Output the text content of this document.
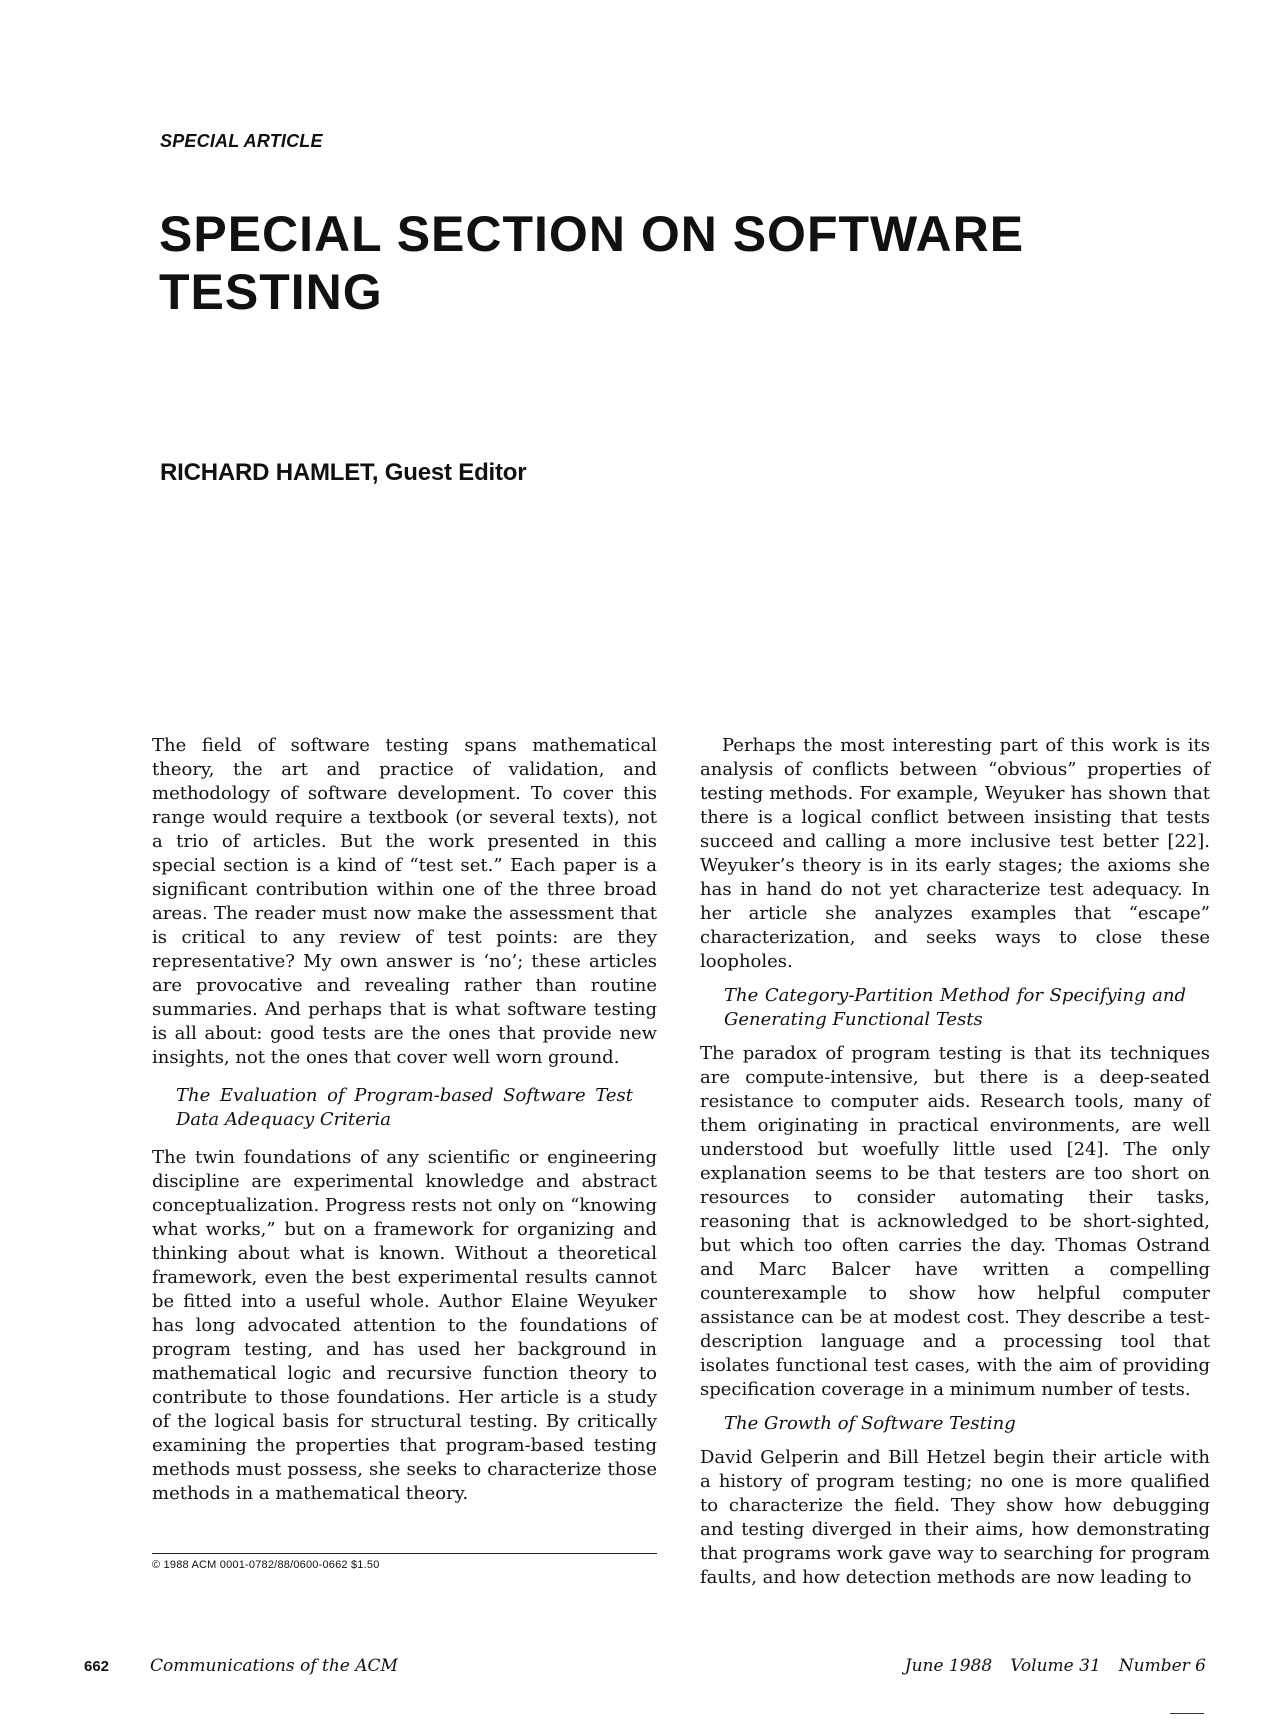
SPECIAL ARTICLE
SPECIAL SECTION ON SOFTWARE
TESTING
RICHARD HAMLET, Guest Editor

The field of software testing spans mathematical theory, the art and practice of validation, and methodology of software development. To cover this range would require a textbook (or several texts), not a trio of articles. But the work presented in this special section is a kind of “test set.” Each paper is a significant contribution within one of the three broad areas. The reader must now make the assessment that is critical to any review of test points: are they representative? My own answer is ‘no’; these articles are provocative and revealing rather than routine summaries. And perhaps that is what software testing is all about: good tests are the ones that provide new insights, not the ones that cover well worn ground.

The Evaluation of Program-based Software Test Data Adequacy Criteria

The twin foundations of any scientific or engineering discipline are experimental knowledge and abstract conceptualization. Progress rests not only on “knowing what works,” but on a framework for organizing and thinking about what is known. Without a theoretical framework, even the best experimental results cannot be fitted into a useful whole. Author Elaine Weyuker has long advocated attention to the foundations of program testing, and has used her background in mathematical logic and recursive function theory to contribute to those foundations. Her article is a study of the logical basis for structural testing. By critically examining the properties that program-based testing methods must possess, she seeks to characterize those methods in a mathematical theory.

Perhaps the most interesting part of this work is its analysis of conflicts between “obvious” properties of testing methods. For example, Weyuker has shown that there is a logical conflict between insisting that tests succeed and calling a more inclusive test better [22]. Weyuker’s theory is in its early stages; the axioms she has in hand do not yet characterize test adequacy. In her article she analyzes examples that “escape” characterization, and seeks ways to close these loopholes.

The Category-Partition Method for Specifying and Generating Functional Tests

The paradox of program testing is that its techniques are compute-intensive, but there is a deep-seated resistance to computer aids. Research tools, many of them originating in practical environments, are well understood but woefully little used [24]. The only explanation seems to be that testers are too short on resources to consider automating their tasks, reasoning that is acknowledged to be short-sighted, but which too often carries the day. Thomas Ostrand and Marc Balcer have written a compelling counterexample to show how helpful computer assistance can be at modest cost. They describe a test-description language and a processing tool that isolates functional test cases, with the aim of providing specification coverage in a minimum number of tests.

The Growth of Software Testing

David Gelperin and Bill Hetzel begin their article with a history of program testing; no one is more qualified to characterize the field. They show how debugging and testing diverged in their aims, how demonstrating that programs work gave way to searching for program faults, and how detection methods are now leading to

© 1988 ACM 0001-0782/88/0600-0662 $1.50
662 Communications of the ACM	June 1988 Volume 31 Number 6
